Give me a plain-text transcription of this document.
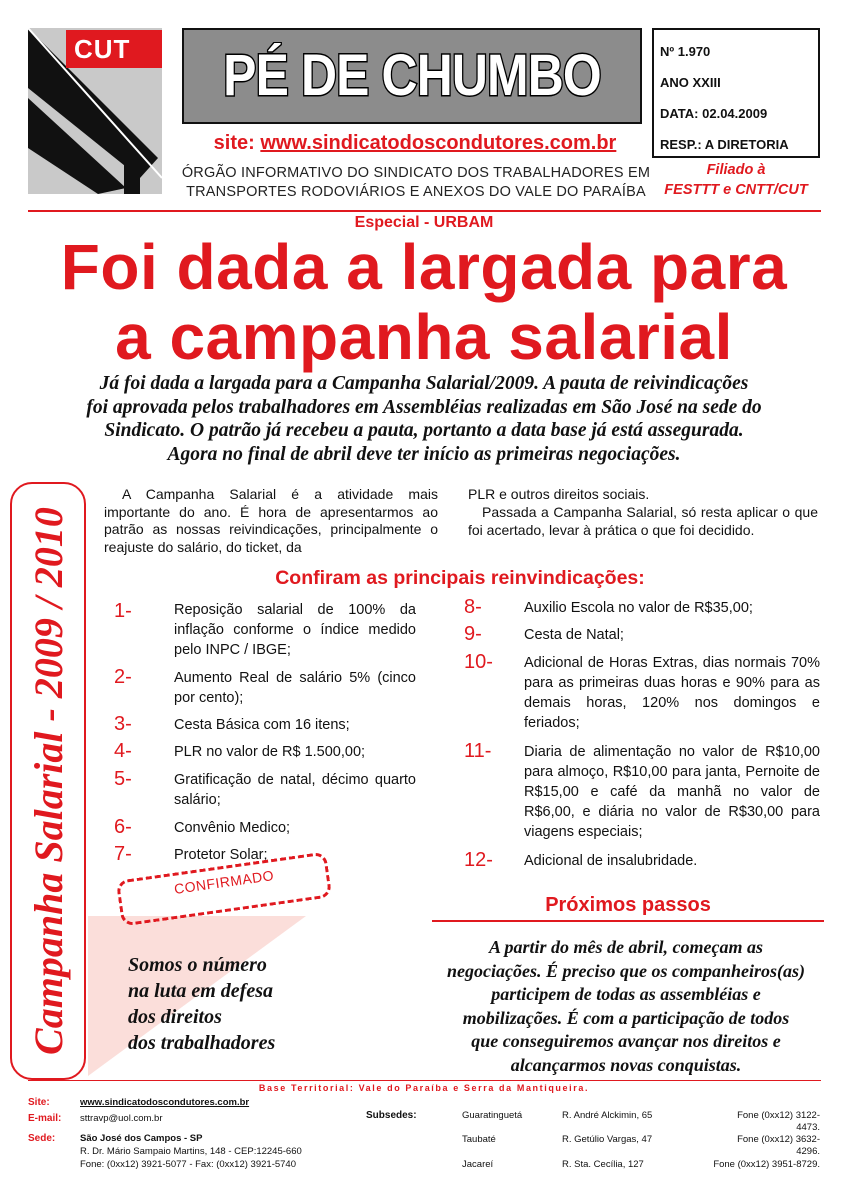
CUT	PÉ DE CHUMBO
site: www.sindicatodoscondutores.com.br
ÓRGÃO INFORMATIVO DO SINDICATO DOS TRABALHADORES EM
TRANSPORTES RODOVIÁRIOS E ANEXOS DO VALE DO PARAÍBA
Nº 1.970
ANO XXIII
DATA: 02.04.2009
RESP.: A DIRETORIA
Filiado à
FESTTT e CNTT/CUT
Especial - URBAM
Foi dada a largada para
a campanha salarial
Já foi dada a largada para a Campanha Salarial/2009. A pauta de reivindicações
foi aprovada pelos trabalhadores em Assembléias realizadas em São José na sede do
Sindicato. O patrão já recebeu a pauta, portanto a data base já está assegurada.
Agora no final de abril deve ter início as primeiras negociações.
Campanha Salarial - 2009 / 2010
A Campanha Salarial é a atividade mais importante do ano. É hora de apresentarmos ao patrão as nossas reivindicações, principalmente o reajuste do salário, do ticket, da
PLR e outros direitos sociais.
Passada a Campanha Salarial, só resta aplicar o que foi acertado, levar à prática o que foi decidido.
Confiram as principais reinvindicações:
1-	Reposição salarial de 100% da inflação conforme o índice medido pelo INPC / IBGE;
2-	Aumento Real de salário 5% (cinco por cento);
3-	Cesta Básica com 16 itens;
4-	PLR no valor de R$ 1.500,00;
5-	Gratificação de natal, décimo quarto salário;
6-	Convênio Medico;
7-	Protetor Solar;
8-	Auxilio Escola no valor de R$35,00;
9-	Cesta de Natal;
10- Adicional de Horas Extras, dias normais 70% para as primeiras duas horas e 90% para as demais horas, 120% nos domingos e feriados;
11- Diaria de alimentação no valor de R$10,00 para almoço, R$10,00 para janta, Pernoite de R$15,00 e café da manhã no valor de R$6,00, e diária no valor de R$30,00 para viagens especiais;
12- Adicional de insalubridade.
CONFIRMADO
Somos o número
na luta em defesa
dos direitos
dos trabalhadores
Próximos passos
A partir do mês de abril, começam as
negociações. É preciso que os companheiros(as)
participem de todas as assembléias e
mobilizações. É com a participação de todos
que conseguiremos avançar nos direitos e
alcançarmos novas conquistas.
Base Territorial: Vale do Paraíba e Serra da Mantiqueira.
Site:	www.sindicatodoscondutores.com.br
E-mail: sttravp@uol.com.br
Sede:	São José dos Campos - SP
R. Dr. Mário Sampaio Martins, 148 - CEP:12245-660
Fone: (0xx12) 3921-5077 - Fax: (0xx12) 3921-5740
Subsedes:	Guaratinguetá	R. André Alckimin, 65	Fone (0xx12) 3122-
4473.
Taubaté	R. Getúlio Vargas, 47	Fone (0xx12) 3632-
4296.
Jacareí	R. Sta. Cecília, 127	Fone (0xx12) 3951-8729.
